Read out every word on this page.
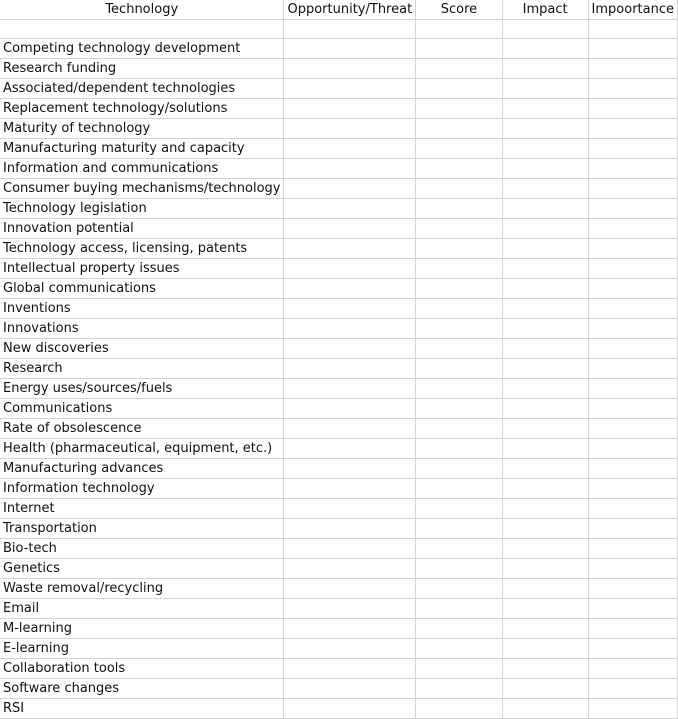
Technology	Opportunity/Threat	Score	Impact	Impoortance

Competing technology development				
Research funding				
Associated/dependent technologies				
Replacement technology/solutions				
Maturity of technology				
Manufacturing maturity and capacity				
Information and communications				
Consumer buying mechanisms/technology				
Technology legislation				
Innovation potential				
Technology access, licensing, patents				
Intellectual property issues				
Global communications				
Inventions				
Innovations				
New discoveries				
Research				
Energy uses/sources/fuels				
Communications				
Rate of obsolescence				
Health (pharmaceutical, equipment, etc.)				
Manufacturing advances				
Information technology				
Internet				
Transportation				
Bio-tech				
Genetics				
Waste removal/recycling				
Email				
M-learning				
E-learning				
Collaboration tools				
Software changes				
RSI				
